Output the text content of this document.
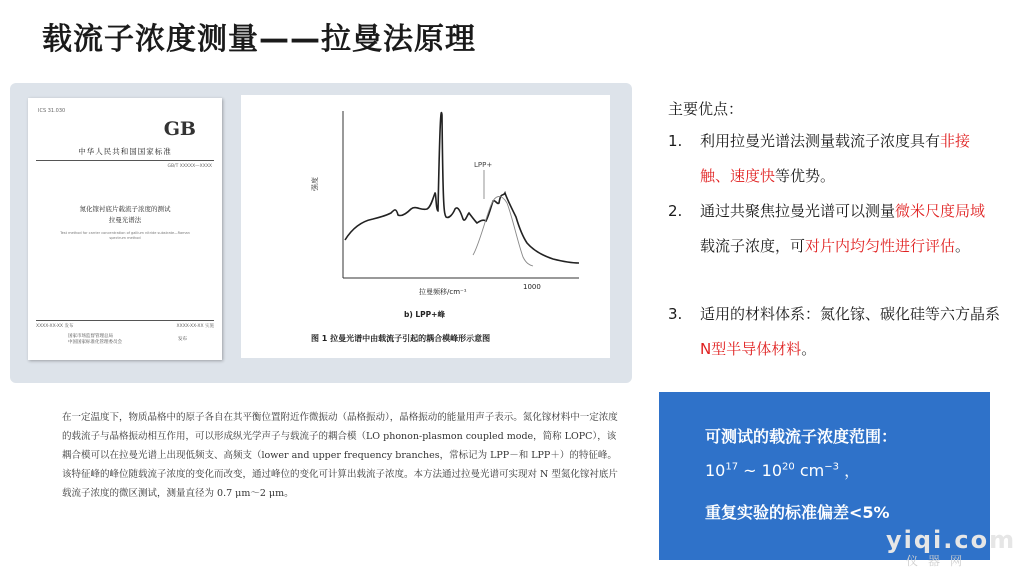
载流子浓度测量——拉曼法原理
ICS 31.030
GB
中华人民共和国国家标准
GB/T XXXXX—XXXX
氮化镓衬底片载流子浓度的测试
拉曼光谱法
Test method for carrier concentration of gallium nitride substrate—Raman spectrum method
XXXX-XX-XX 发布	XXXX-XX-XX 实施
国家市场监督管理总局
中国国家标准化管理委员会
发布
强度
拉曼频移/cm⁻¹
1000
LPP+
b) LPP+峰
图 1 拉曼光谱中由载流子引起的耦合模峰形示意图
在一定温度下，物质晶格中的原子各自在其平衡位置附近作微振动（晶格振动），晶格振动的能量用声子表示。氮化镓材料中一定浓度的载流子与晶格振动相互作用，可以形成纵光学声子与载流子的耦合模（LO phonon-plasmon coupled mode，简称 LOPC），该耦合模可以在拉曼光谱上出现低频支、高频支（lower and upper frequency branches，常标记为 LPP－和 LPP＋）的特征峰。该特征峰的峰位随载流子浓度的变化而改变，通过峰位的变化可计算出载流子浓度。本方法通过拉曼光谱可实现对 N 型氮化镓衬底片载流子浓度的微区测试，测量直径为 0.7 μm～2 μm。
主要优点：
1.	利用拉曼光谱法测量载流子浓度具有非接触、速度快等优势。
2.	通过共聚焦拉曼光谱可以测量微米尺度局域载流子浓度，可对片内均匀性进行评估。
3.	适用的材料体系：氮化镓、碳化硅等六方晶系N型半导体材料。
可测试的载流子浓度范围：
$10^{17}$ ~ $10^{20}$ $cm^{-3}$ ，
重复实验的标准偏差<5%
yiqi.com
仪器网
